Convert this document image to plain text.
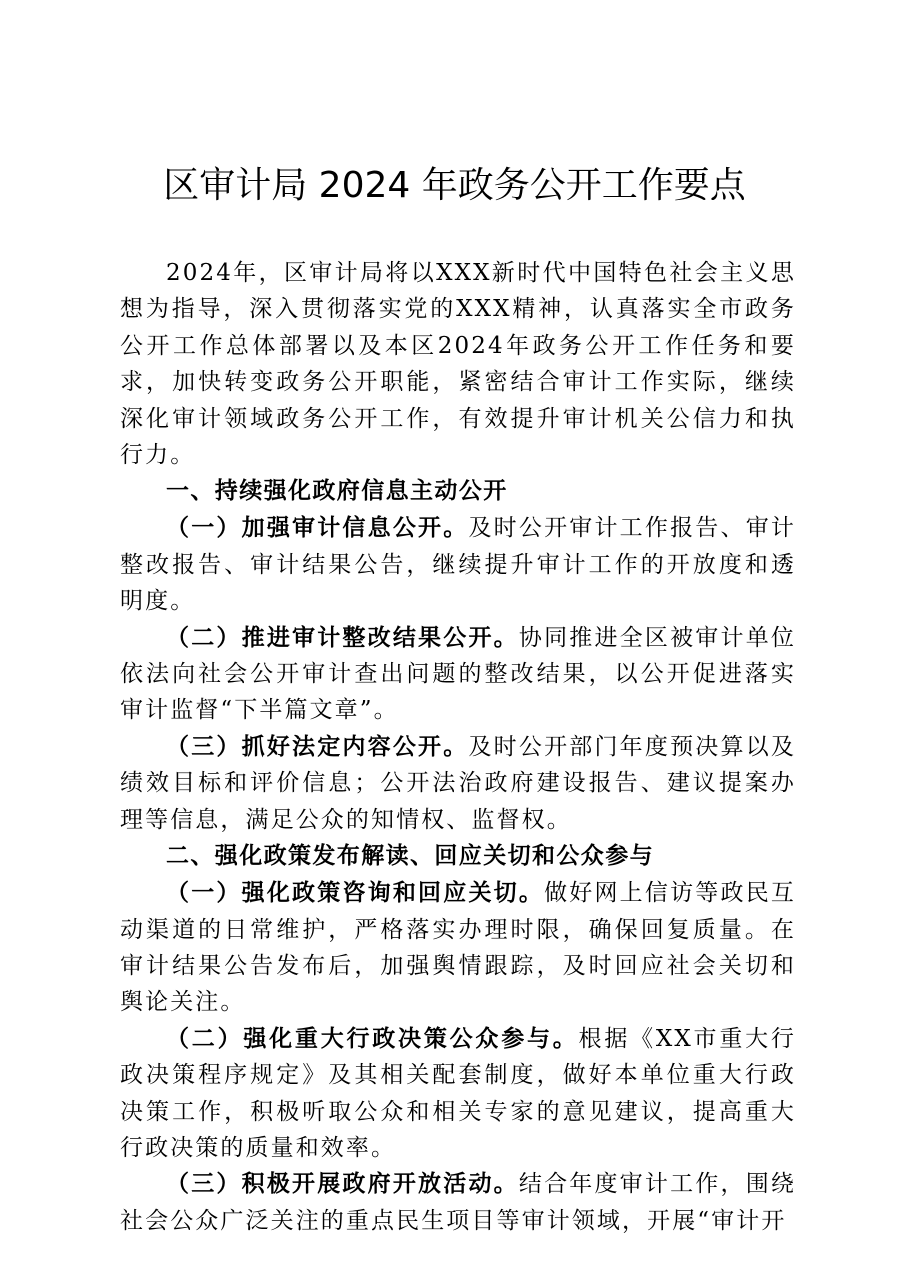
区审计局 2024 年政务公开工作要点

2024年，区审计局将以XXX新时代中国特色社会主义思想为指导，深入贯彻落实党的XXX精神，认真落实全市政务公开工作总体部署以及本区2024年政务公开工作任务和要求，加快转变政务公开职能，紧密结合审计工作实际，继续深化审计领域政务公开工作，有效提升审计机关公信力和执行力。

一、持续强化政府信息主动公开

（一）加强审计信息公开。及时公开审计工作报告、审计整改报告、审计结果公告，继续提升审计工作的开放度和透明度。

（二）推进审计整改结果公开。协同推进全区被审计单位依法向社会公开审计查出问题的整改结果，以公开促进落实审计监督“下半篇文章”。

（三）抓好法定内容公开。及时公开部门年度预决算以及绩效目标和评价信息；公开法治政府建设报告、建议提案办理等信息，满足公众的知情权、监督权。

二、强化政策发布解读、回应关切和公众参与

（一）强化政策咨询和回应关切。做好网上信访等政民互动渠道的日常维护，严格落实办理时限，确保回复质量。在审计结果公告发布后，加强舆情跟踪，及时回应社会关切和舆论关注。

（二）强化重大行政决策公众参与。根据《XX市重大行政决策程序规定》及其相关配套制度，做好本单位重大行政决策工作，积极听取公众和相关专家的意见建议，提高重大行政决策的质量和效率。

（三）积极开展政府开放活动。结合年度审计工作，围绕社会公众广泛关注的重点民生项目等审计领域，开展“审计开
